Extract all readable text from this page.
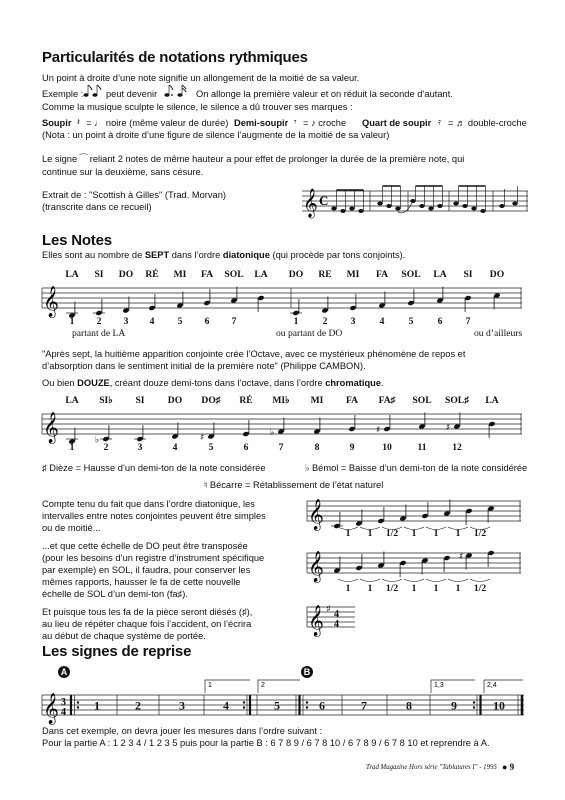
Particularités de notations rythmiques
Un point à droite d’une note signifie un allongement de la moitié de sa valeur.
Exemple : peut devenir	On allonge la première valeur et on réduit la seconde d’autant.
Comme la musique sculpte le silence, le silence a dû trouver ses marques :
Soupir 𝄽 = ♩ noire (même valeur de durée) Demi-soupir 𝄾 = ♪ croche Quart de soupir 𝄿 = ♬ double-croche
(Nota : un point à droite d’une figure de silence l’augmente de la moitié de sa valeur)
Le signe ⁀ reliant 2 notes de même hauteur a pour effet de prolonger la durée de la première note, qui
continue sur la deuxième, sans césure.
Extrait de : "Scottish à Gilles" (Trad. Morvan)
(transcrite dans ce recueil)	𝄞 C
Les Notes
Elles sont au nombre de SEPT dans l’ordre diatonique (qui procède par tons conjoints).
LA SI DO RÉ MI FA SOL LA DO RE MI FA SOL LA SI DO
𝄞
1 2 3 4 5 6 7	1	2 3	4	5	6 7
partant de LA	ou partant de DO	ou d’ailleurs
"Après sept, la huitième apparition conjointe crée l’Octave, avec ce mystérieux phénomène de repos et
d’absorption dans le sentiment initial de la première note" (Philippe CAMBON).
Ou bien DOUZE, créant douze demi-tons dans l’octave, dans l’ordre chromatique.
LA SI♭ SI DO DO♯ RÉ MI♭ MI FA FA♯ SOL SOL♯ LA
𝄞	♭	♯	♭	♯	♯
1	2	3	4	5	6	7	8	9	10	11	12
♯ Dièze = Hausse d’un demi-ton de la note considérée	♭ Bémol = Baisse d’un demi-ton de la note considérée
♮ Bécarre = Rétablissement de l’état naturel
Compte tenu du fait que dans l’ordre diatonique, les
intervalles entre notes conjointes peuvent être simples
ou de moitié...
...et que cette échelle de DO peut être transposée
(pour les besoins d’un registre d’instrument spécifique
par exemple) en SOL, il faudra, pour conserver les
mêmes rapports, hausser le fa de cette nouvelle
échelle de SOL d’un demi-ton (fa♯).
Et puisque tous les fa de la pièce seront diésés (♯),
au lieu de répéter chaque fois l’accident, on l’écrira
au début de chaque système de portée.
𝄞
1 1 1/2 1 1 1 1/2
𝄞	♯
1 1 1/2 1 1 1 1/2
𝄞 ♯ 4
4
Les signes de reprise
A	B
1	2	1,3	2,4
𝄞 3
4 1	2	3	4	5	6	7	8	9	10
Dans cet exemple, on devra jouer les mesures dans l’ordre suivant :
Pour la partie A : 1 2 3 4 / 1 2 3 5 puis pour la partie B : 6 7 8 9 / 6 7 8 10 / 6 7 8 9 / 6 7 8 10 et reprendre à A.
Trad Magazine Hors série "Tablatures I" - 1995 ● 9
